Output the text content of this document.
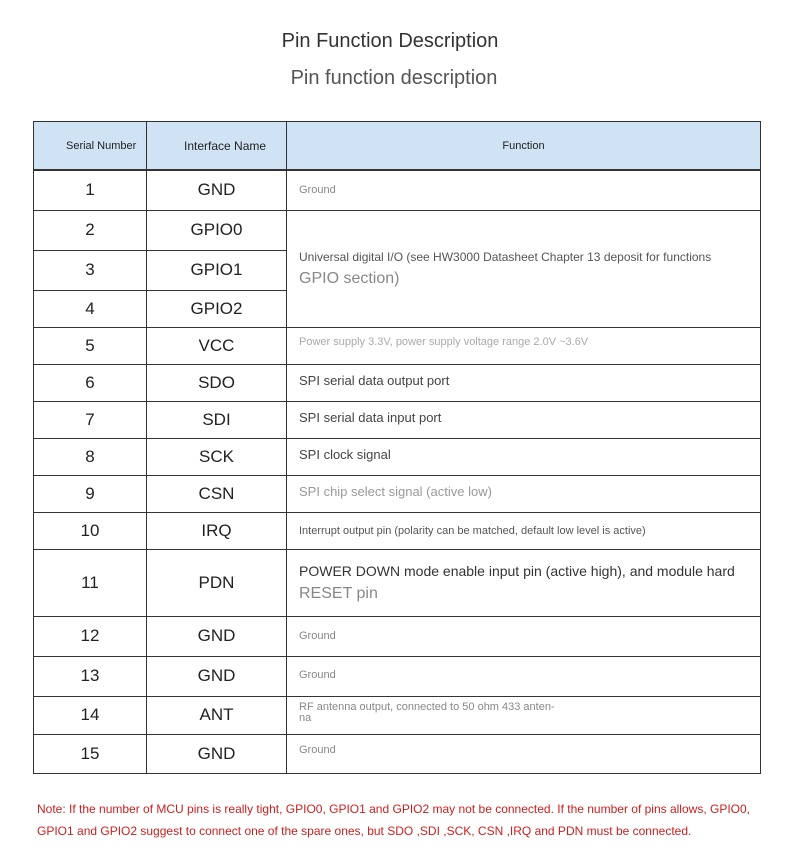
Pin Function Description
Pin function description
Serial Number	Interface Name	Function
1	GND	Ground
2	GPIO0	Universal digital I/O (see HW3000 Datasheet Chapter 13 deposit for functions
GPIO section)

3	GPIO1	
4	GPIO2	
5	VCC	Power supply 3.3V, power supply voltage range 2.0V ~3.6V
6	SDO	SPI serial data output port
7	SDI	SPI serial data input port
8	SCK	SPI clock signal
9	CSN	SPI chip select signal (active low)
10	IRQ	Interrupt output pin (polarity can be matched, default low level is active)
11	PDN	POWER DOWN mode enable input pin (active high), and module hard
RESET pin

12	GND	Ground
13	GND	Ground
14	ANT	RF antenna output, connected to 50 ohm 433 anten-
na

15	GND	Ground
Note: If the number of MCU pins is really tight, GPIO0, GPIO1 and GPIO2 may not be connected. If the number of pins allows, GPIO0, GPIO1 and GPIO2 suggest to connect one of the spare ones, but SDO ,SDI ,SCK, CSN ,IRQ and PDN must be connected.
